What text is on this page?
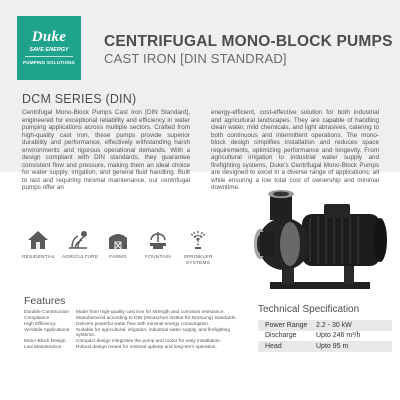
Duke
SAVE ENERGY
PUMPING SOLUTIONS
CENTRIFUGAL MONO-BLOCK PUMPS
CAST IRON [DIN STANDRAD]
DCM SERIES (DIN)

Centrifugal Mono-Block Pumps Cast Iron [DIN Standard], engineered for exceptional reliability and efficiency in water pumping applications across multiple sectors. Crafted from high-quality cast iron, these pumps provide superior durability and performance, effectively withstanding harsh environments and rigorous operational demands. With a design compliant with DIN standards, they guarantee consistent flow and pressure, making them an ideal choice for water supply, irrigation, and general fluid handling. Built to last and requiring minimal maintenance, our centrifugal pumps offer an

energy-efficient, cost-effective solution for both industrial and agricultural landscapes. They are capable of handling clean water, mild chemicals, and light abrasives, catering to both continuous and intermittent operations. The mono-block design simplifies installation and reduces space requirements, optimizing performance and longevity. From agricultural irrigation to industrial water supply and firefighting systems, Duke's Centrifugal Mono-Block Pumps are designed to excel in a diverse range of applications, all while ensuring a low total cost of ownership and minimal downtime.

RESIDENTIAL AGRICULTURE	FARMS	FOUNTAIN	SPRINKLER
SYSTEMS
Features
Durable Construction	Made from high-quality cast iron for strength and corrosion resistance.
Compliance	Manufactured according to DIN (Deutsches Institut für Normung) standards.
High Efficiency	Delivers powerful water flow with minimal energy consumption.
Versatile Applications	Suitable for agricultural, irrigation, industrial water supply, and firefighting systems.
Mono-Block Design	Compact design integrates the pump and motor for easy installation.
Low Maintenance	Robust design meant for minimal upkeep and long-term operation.
Technical Specification
Power Range	2.2 - 30 kW
Discharge	Upto 246 m³/h
Head	Upto 95 m
